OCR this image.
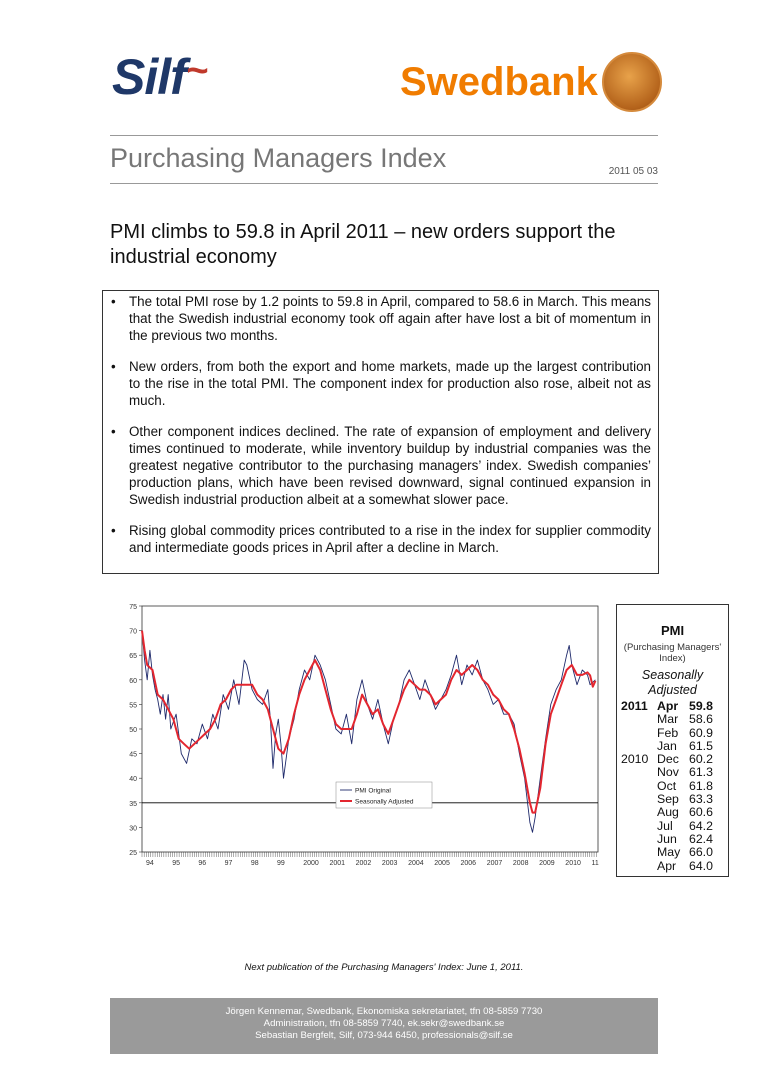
Silf~	Swedbank
Purchasing Managers Index	2011 05 03
PMI climbs to 59.8 in April 2011 – new orders support the industrial economy
• The total PMI rose by 1.2 points to 59.8 in April, compared to 58.6 in March. This means that the Swedish industrial economy took off again after have lost a bit of momentum in the previous two months.
• New orders, from both the export and home markets, made up the largest contribution to the rise in the total PMI. The component index for production also rose, albeit not as much.
• Other component indices declined. The rate of expansion of employment and delivery times continued to moderate, while inventory buildup by industrial companies was the greatest negative contributor to the purchasing managers’ index. Swedish companies’ production plans, which have been revised downward, signal continued expansion in Swedish industrial production albeit at a somewhat slower pace.
• Rising global commodity prices contributed to a rise in the index for supplier commodity and intermediate goods prices in April after a decline in March.
25
30
35
40
45
50
55
60
65
70
75
94	95	96	97	98	99	2000 2001 2002 2003 2004 2005 2006 2007 2008 2009 2010 11
PMI Original
Seasonally Adjusted
PMI
(Purchasing Managers' Index)
Seasonally Adjusted
2011	Apr	59.8
	Mar	58.6
	Feb	60.9
	Jan	61.5
2010	Dec	60.2
	Nov	61.3
	Oct	61.8
	Sep	63.3
	Aug	60.6
	Jul	64.2
	Jun	62.4
	May	66.0
	Apr	64.0
Next publication of the Purchasing Managers' Index: June 1, 2011.
Jörgen Kennemar, Swedbank, Ekonomiska sekretariatet, tfn 08-5859 7730
Administration, tfn 08-5859 7740, ek.sekr@swedbank.se
Sebastian Bergfelt, Silf, 073-944 6450, professionals@silf.se
